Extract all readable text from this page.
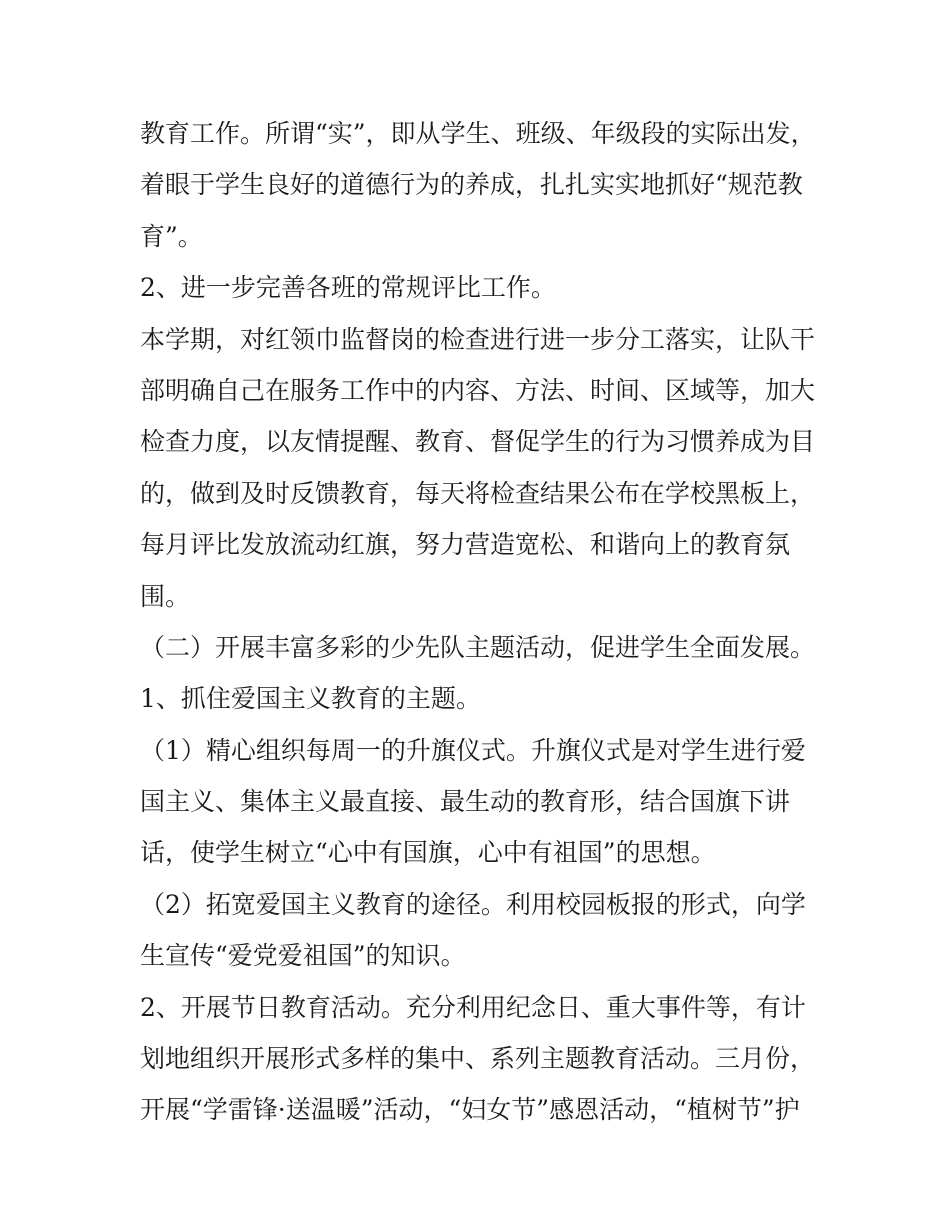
教育工作。所谓“实”，即从学生、班级、年级段的实际出发，
着眼于学生良好的道德行为的养成，扎扎实实地抓好“规范教
育”。
2、进一步完善各班的常规评比工作。
本学期，对红领巾监督岗的检查进行进一步分工落实，让队干
部明确自己在服务工作中的内容、方法、时间、区域等，加大
检查力度，以友情提醒、教育、督促学生的行为习惯养成为目
的，做到及时反馈教育，每天将检查结果公布在学校黑板上，
每月评比发放流动红旗，努力营造宽松、和谐向上的教育氛
围。
（二）开展丰富多彩的少先队主题活动，促进学生全面发展。
1、抓住爱国主义教育的主题。
（1）精心组织每周一的升旗仪式。升旗仪式是对学生进行爱
国主义、集体主义最直接、最生动的教育形，结合国旗下讲
话，使学生树立“心中有国旗，心中有祖国”的思想。
（2）拓宽爱国主义教育的途径。利用校园板报的形式，向学
生宣传“爱党爱祖国”的知识。
2、开展节日教育活动。充分利用纪念日、重大事件等，有计
划地组织开展形式多样的集中、系列主题教育活动。三月份，
开展“学雷锋·送温暖”活动，“妇女节”感恩活动，“植树节”护
